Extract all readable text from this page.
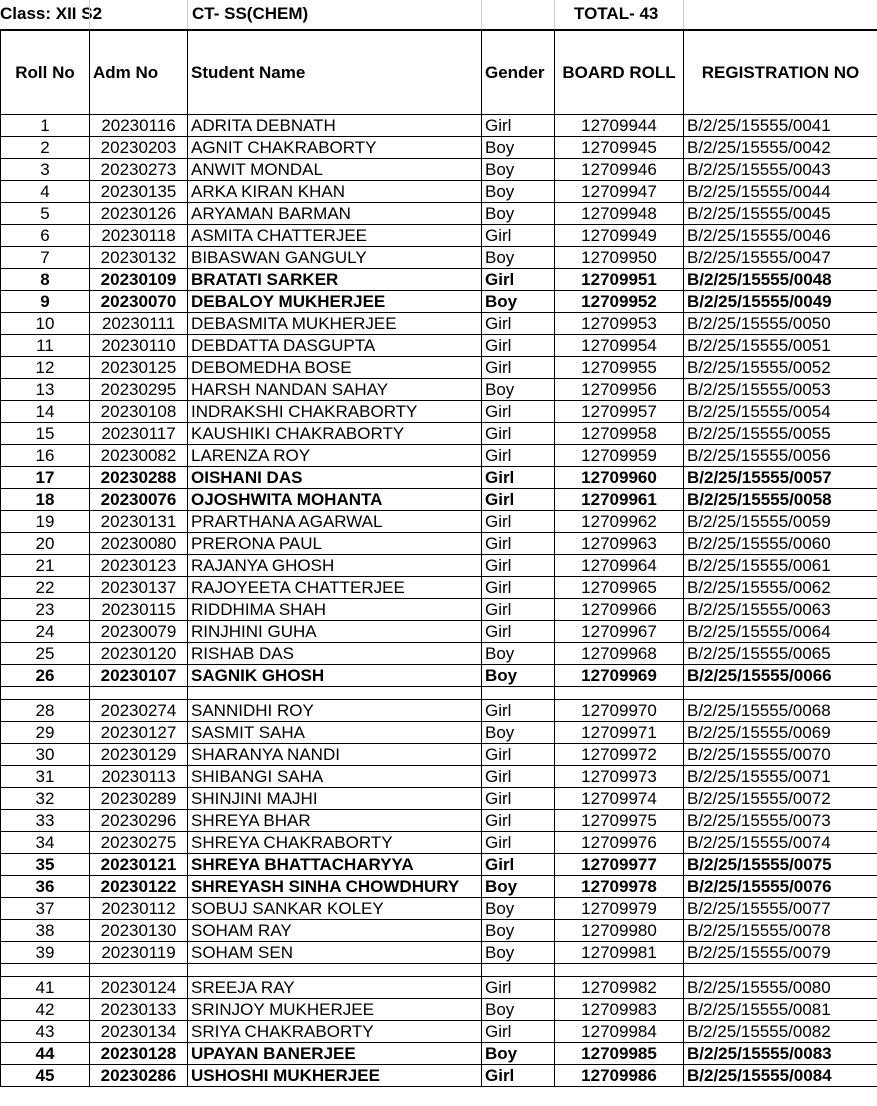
Class: XII S2	CT- SS(CHEM)	TOTAL- 43
Roll No	Adm No	Student Name	Gender	BOARD ROLL	REGISTRATION NO
1	20230116	ADRITA DEBNATH	Girl	12709944	B/2/25/15555/0041
2	20230203	AGNIT CHAKRABORTY	Boy	12709945	B/2/25/15555/0042
3	20230273	ANWIT MONDAL	Boy	12709946	B/2/25/15555/0043
4	20230135	ARKA KIRAN KHAN	Boy	12709947	B/2/25/15555/0044
5	20230126	ARYAMAN BARMAN	Boy	12709948	B/2/25/15555/0045
6	20230118	ASMITA CHATTERJEE	Girl	12709949	B/2/25/15555/0046
7	20230132	BIBASWAN GANGULY	Boy	12709950	B/2/25/15555/0047
8	20230109	BRATATI SARKER	Girl	12709951	B/2/25/15555/0048
9	20230070	DEBALOY MUKHERJEE	Boy	12709952	B/2/25/15555/0049
10	20230111	DEBASMITA MUKHERJEE	Girl	12709953	B/2/25/15555/0050
11	20230110	DEBDATTA DASGUPTA	Girl	12709954	B/2/25/15555/0051
12	20230125	DEBOMEDHA BOSE	Girl	12709955	B/2/25/15555/0052
13	20230295	HARSH NANDAN SAHAY	Boy	12709956	B/2/25/15555/0053
14	20230108	INDRAKSHI CHAKRABORTY	Girl	12709957	B/2/25/15555/0054
15	20230117	KAUSHIKI CHAKRABORTY	Girl	12709958	B/2/25/15555/0055
16	20230082	LARENZA ROY	Girl	12709959	B/2/25/15555/0056
17	20230288	OISHANI DAS	Girl	12709960	B/2/25/15555/0057
18	20230076	OJOSHWITA MOHANTA	Girl	12709961	B/2/25/15555/0058
19	20230131	PRARTHANA AGARWAL	Girl	12709962	B/2/25/15555/0059
20	20230080	PRERONA PAUL	Girl	12709963	B/2/25/15555/0060
21	20230123	RAJANYA GHOSH	Girl	12709964	B/2/25/15555/0061
22	20230137	RAJOYEETA CHATTERJEE	Girl	12709965	B/2/25/15555/0062
23	20230115	RIDDHIMA SHAH	Girl	12709966	B/2/25/15555/0063
24	20230079	RINJHINI GUHA	Girl	12709967	B/2/25/15555/0064
25	20230120	RISHAB DAS	Boy	12709968	B/2/25/15555/0065
26	20230107	SAGNIK GHOSH	Boy	12709969	B/2/25/15555/0066

28	20230274	SANNIDHI ROY	Girl	12709970	B/2/25/15555/0068
29	20230127	SASMIT SAHA	Boy	12709971	B/2/25/15555/0069
30	20230129	SHARANYA NANDI	Girl	12709972	B/2/25/15555/0070
31	20230113	SHIBANGI SAHA	Girl	12709973	B/2/25/15555/0071
32	20230289	SHINJINI MAJHI	Girl	12709974	B/2/25/15555/0072
33	20230296	SHREYA BHAR	Girl	12709975	B/2/25/15555/0073
34	20230275	SHREYA CHAKRABORTY	Girl	12709976	B/2/25/15555/0074
35	20230121	SHREYA BHATTACHARYYA	Girl	12709977	B/2/25/15555/0075
36	20230122	SHREYASH SINHA CHOWDHURY	Boy	12709978	B/2/25/15555/0076
37	20230112	SOBUJ SANKAR KOLEY	Boy	12709979	B/2/25/15555/0077
38	20230130	SOHAM RAY	Boy	12709980	B/2/25/15555/0078
39	20230119	SOHAM SEN	Boy	12709981	B/2/25/15555/0079

41	20230124	SREEJA RAY	Girl	12709982	B/2/25/15555/0080
42	20230133	SRINJOY MUKHERJEE	Boy	12709983	B/2/25/15555/0081
43	20230134	SRIYA CHAKRABORTY	Girl	12709984	B/2/25/15555/0082
44	20230128	UPAYAN BANERJEE	Boy	12709985	B/2/25/15555/0083
45	20230286	USHOSHI MUKHERJEE	Girl	12709986	B/2/25/15555/0084
